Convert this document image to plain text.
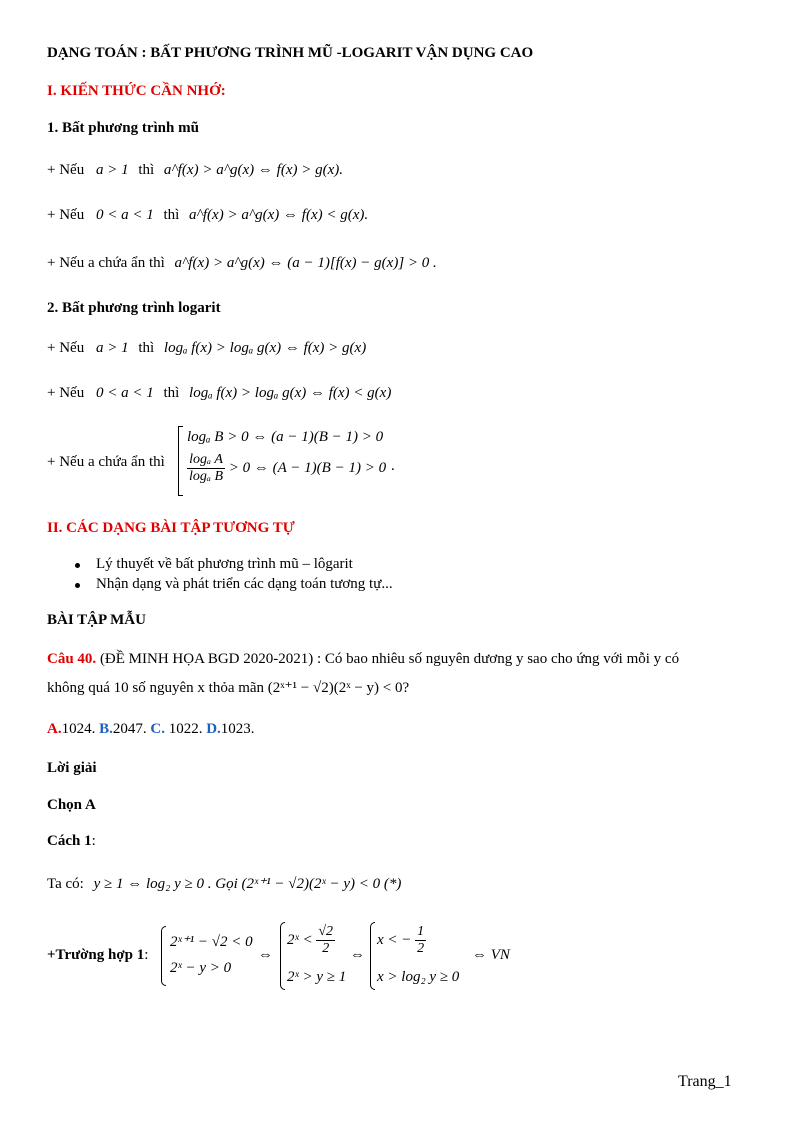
DẠNG TOÁN : BẤT PHƯƠNG TRÌNH MŨ -LOGARIT VẬN DỤNG CAO
I. KIẾN THỨC CẦN NHỚ:
1. Bất phương trình mũ
+ Nếu a > 1 thì a^f(x) > a^g(x) ⇔ f(x) > g(x).
+ Nếu 0 < a < 1 thì a^f(x) > a^g(x) ⇔ f(x) < g(x).
+ Nếu a chứa ẩn thì a^f(x) > a^g(x) ⇔ (a − 1)[f(x) − g(x)] > 0 .
2. Bất phương trình logarit
+ Nếu a > 1 thì logₐ f(x) > logₐ g(x) ⇔ f(x) > g(x)
+ Nếu 0 < a < 1 thì logₐ f(x) > logₐ g(x) ⇔ f(x) < g(x)
+ Nếu a chứa ẩn thì
logₐ B > 0 ⇔ (a − 1)(B − 1) > 0
$\frac{\text{logₐ A}}{\text{logₐ B}} > 0$ ⇔ (A − 1)(B − 1) > 0 .
II. CÁC DẠNG BÀI TẬP TƯƠNG TỰ
Lý thuyết về bất phương trình mũ – lôgarit
Nhận dạng và phát triển các dạng toán tương tự...
BÀI TẬP MẪU
Câu 40. (ĐỀ MINH HỌA BGD 2020-2021) : Có bao nhiêu số nguyên dương y sao cho ứng với mỗi y có
không quá 10 số nguyên x thỏa mãn (2ˣ⁺¹ − √2)(2ˣ − y) < 0?
A.1024. B.2047. C. 1022. D.1023.
Lời giải
Chọn A
Cách 1:
Ta có: y ≥ 1 ⇔ log₂ y ≥ 0 . Gọi (2ˣ⁺¹ − √2)(2ˣ − y) < 0 (*)
+Trường hợp 1:
2ˣ⁺¹ − √2 < 0
2ˣ − y > 0
⇔
2ˣ < $\frac{√2}{2}$
2ˣ > y ≥ 1
⇔
x < − $\frac{1}{2}$
x > log₂ y ≥ 0
⇔ VN
Trang_1
